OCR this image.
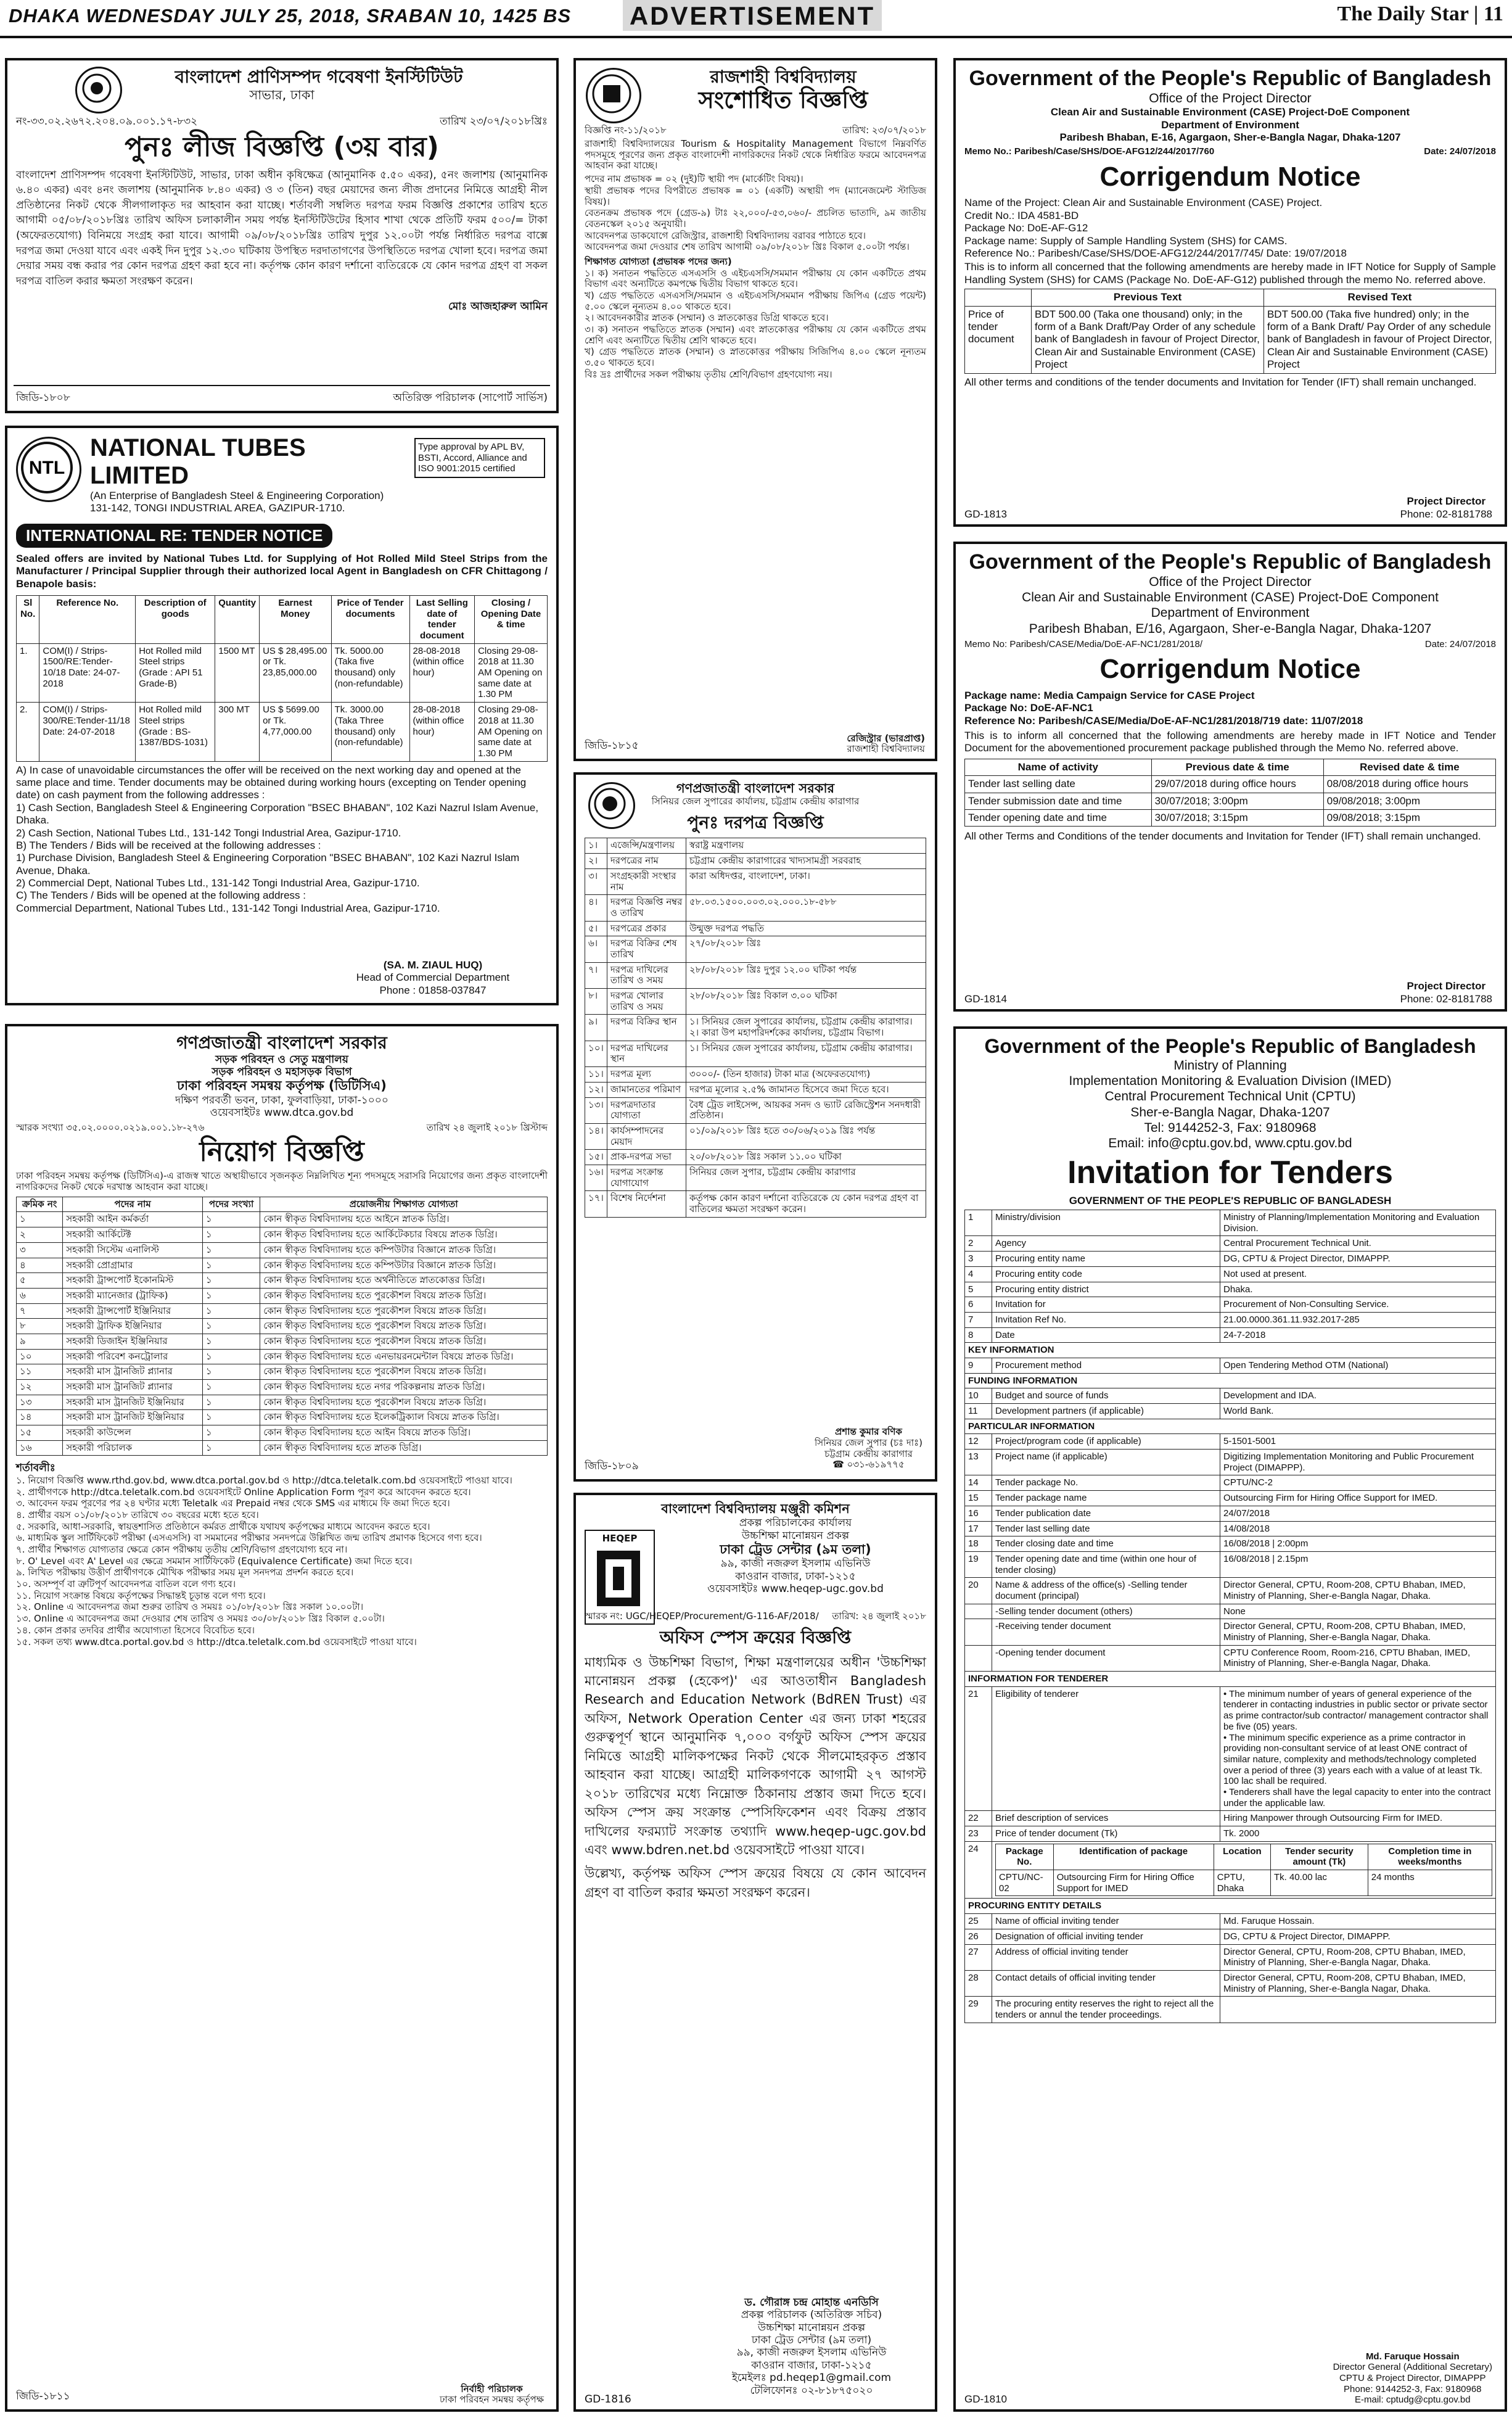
DHAKA WEDNESDAY JULY 25, 2018, SRABAN 10, 1425 BS ADVERTISEMENT	The Daily Star | 11
বাংলাদেশ প্রাণিসম্পদ গবেষণা ইনস্টিটিউট
সাভার, ঢাকা
নং-৩৩.০২.২৬৭২.২০৪.০৯.০০১.১৭-৮৩২	তারিখ ২৩/০৭/২০১৮খ্রিঃ
পুনঃ লীজ বিজ্ঞপ্তি (৩য় বার)
বাংলাদেশ প্রাণিসম্পদ গবেষণা ইনস্টিটিউট, সাভার, ঢাকা অধীন কৃষিক্ষেত্র (আনুমানিক ৫.৫০ একর), ৫নং জলাশয় (আনুমানিক ৬.৪০ একর) এবং ৪নং জলাশয় (আনুমানিক ৮.৪০ একর) ও ৩ (তিন) বছর মেয়াদের জন্য লীজ প্রদানের নিমিত্তে আগ্রহী নীল প্রতিষ্ঠানের নিকট থেকে সীলগালাকৃত দর আহবান করা যাচ্ছে। শর্তাবলী সম্বলিত দরপত্র ফরম বিজ্ঞপ্তি প্রকাশের তারিখ হতে আগামী ০৫/০৮/২০১৮খ্রিঃ তারিখ অফিস চলাকালীন সময় পর্যন্ত ইনস্টিটিউটের হিসাব শাখা থেকে প্রতিটি ফরম ৫০০/= টাকা (অফেরতযোগ্য) বিনিময়ে সংগ্রহ করা যাবে। আগামী ০৯/০৮/২০১৮খ্রিঃ তারিখ দুপুর ১২.০০টা পর্যন্ত নির্ধারিত দরপত্র বাক্সে দরপত্র জমা দেওয়া যাবে এবং একই দিন দুপুর ১২.৩০ ঘটিকায় উপস্থিত দরদাতাগণের উপস্থিতিতে দরপত্র খোলা হবে। দরপত্র জমা দেয়ার সময় বন্ধ করার পর কোন দরপত্র গ্রহণ করা হবে না। কর্তৃপক্ষ কোন কারণ দর্শানো ব্যতিরেকে যে কোন দরপত্র গ্রহণ বা সকল দরপত্র বাতিল করার ক্ষমতা সংরক্ষণ করেন।
মোঃ আজহারুল আমিন
জিডি-১৮০৮	অতিরিক্ত পরিচালক (সাপোর্ট সার্ভিস)
NTL
NATIONAL TUBES LIMITED
(An Enterprise of Bangladesh Steel & Engineering Corporation)
131-142, TONGI INDUSTRIAL AREA, GAZIPUR-1710.
Type approval by APL BV, BSTI, Accord, Alliance and ISO 9001:2015 certified
INTERNATIONAL RE: TENDER NOTICE
Sealed offers are invited by National Tubes Ltd. for Supplying of Hot Rolled Mild Steel Strips from the Manufacturer / Principal Supplier through their authorized local Agent in Bangladesh on CFR Chittagong / Benapole basis:
Sl No.	Reference No.	Description of goods	Quantity	Earnest Money	Price of Tender documents	Last Selling date of tender document	Closing / Opening Date & time
1.	COM(I) / Strips-1500/RE:Tender-10/18 Date: 24-07-2018	Hot Rolled mild Steel strips (Grade : API 51 Grade-B)	1500 MT	US $ 28,495.00 or Tk. 23,85,000.00	Tk. 5000.00 (Taka five thousand) only (non-refundable)	28-08-2018 (within office hour)	Closing 29-08-2018 at 11.30 AM Opening on same date at 1.30 PM
2.	COM(I) / Strips-300/RE:Tender-11/18 Date: 24-07-2018	Hot Rolled mild Steel strips (Grade : BS-1387/BDS-1031)	300 MT	US $ 5699.00 or Tk. 4,77,000.00	Tk. 3000.00 (Taka Three thousand) only (non-refundable)	28-08-2018 (within office hour)	Closing 29-08-2018 at 11.30 AM Opening on same date at 1.30 PM
A) In case of unavoidable circumstances the offer will be received on the next working day and opened at the same place and time. Tender documents may be obtained during working hours (excepting on Tender opening date) on cash payment from the following addresses :
1) Cash Section, Bangladesh Steel & Engineering Corporation "BSEC BHABAN", 102 Kazi Nazrul Islam Avenue, Dhaka.
2) Cash Section, National Tubes Ltd., 131-142 Tongi Industrial Area, Gazipur-1710.
B) The Tenders / Bids will be received at the following addresses :
1) Purchase Division, Bangladesh Steel & Engineering Corporation "BSEC BHABAN", 102 Kazi Nazrul Islam Avenue, Dhaka.
2) Commercial Dept, National Tubes Ltd., 131-142 Tongi Industrial Area, Gazipur-1710.
C) The Tenders / Bids will be opened at the following address :
Commercial Department, National Tubes Ltd., 131-142 Tongi Industrial Area, Gazipur-1710.
(SA. M. ZIAUL HUQ)
Head of Commercial Department
Phone : 01858-037847
গণপ্রজাতন্ত্রী বাংলাদেশ সরকার
সড়ক পরিবহন ও সেতু মন্ত্রণালয়
সড়ক পরিবহন ও মহাসড়ক বিভাগ
ঢাকা পরিবহন সমন্বয় কর্তৃপক্ষ (ডিটিসিএ)
দক্ষিণ পরবর্তী ভবন, ঢাকা, ফুলবাড়িয়া, ঢাকা-১০০০
ওয়েবসাইটঃ www.dtca.gov.bd
স্মারক সংখ্যা ৩৫.০২.০০০০.০২১৯.০০১.১৮-২৭৬	তারিখ ২৪ জুলাই ২০১৮ খ্রিস্টাব্দ
নিয়োগ বিজ্ঞপ্তি
ঢাকা পরিবহন সমন্বয় কর্তৃপক্ষ (ডিটিসিএ)-এ রাজস্ব খাতে অস্থায়ীভাবে সৃজনকৃত নিম্নলিখিত শূন্য পদসমূহে সরাসরি নিয়োগের জন্য প্রকৃত বাংলাদেশী নাগরিকদের নিকট থেকে দরখাস্ত আহবান করা যাচ্ছে।
ক্রমিক নং	পদের নাম	পদের সংখ্যা	প্রয়োজনীয় শিক্ষাগত যোগ্যতা
১	সহকারী আইন কর্মকর্তা	১	কোন স্বীকৃত বিশ্ববিদ্যালয় হতে আইনে স্নাতক ডিগ্রি।
২	সহকারী আর্কিটেক্ট	১	কোন স্বীকৃত বিশ্ববিদ্যালয় হতে আর্কিটেকচার বিষয়ে স্নাতক ডিগ্রি।
৩	সহকারী সিস্টেম এনালিস্ট	১	কোন স্বীকৃত বিশ্ববিদ্যালয় হতে কম্পিউটার বিজ্ঞানে স্নাতক ডিগ্রি।
৪	সহকারী প্রোগ্রামার	১	কোন স্বীকৃত বিশ্ববিদ্যালয় হতে কম্পিউটার বিজ্ঞানে স্নাতক ডিগ্রি।
৫	সহকারী ট্রান্সপোর্ট ইকোনমিস্ট	১	কোন স্বীকৃত বিশ্ববিদ্যালয় হতে অর্থনীতিতে স্নাতকোত্তর ডিগ্রি।
৬	সহকারী ম্যানেজার (ট্রাফিক)	১	কোন স্বীকৃত বিশ্ববিদ্যালয় হতে পুরকৌশল বিষয়ে স্নাতক ডিগ্রি।
৭	সহকারী ট্রান্সপোর্ট ইঞ্জিনিয়ার	১	কোন স্বীকৃত বিশ্ববিদ্যালয় হতে পুরকৌশল বিষয়ে স্নাতক ডিগ্রি।
৮	সহকারী ট্রাফিক ইঞ্জিনিয়ার	১	কোন স্বীকৃত বিশ্ববিদ্যালয় হতে পুরকৌশল বিষয়ে স্নাতক ডিগ্রি।
৯	সহকারী ডিজাইন ইঞ্জিনিয়ার	১	কোন স্বীকৃত বিশ্ববিদ্যালয় হতে পুরকৌশল বিষয়ে স্নাতক ডিগ্রি।
১০	সহকারী পরিবেশ কনট্রোলার	১	কোন স্বীকৃত বিশ্ববিদ্যালয় হতে এনভায়রনমেন্টাল বিষয়ে স্নাতক ডিগ্রি।
১১	সহকারী মাস ট্রানজিট প্ল্যানার	১	কোন স্বীকৃত বিশ্ববিদ্যালয় হতে পুরকৌশল বিষয়ে স্নাতক ডিগ্রি।
১২	সহকারী মাস ট্রানজিট প্ল্যানার	১	কোন স্বীকৃত বিশ্ববিদ্যালয় হতে নগর পরিকল্পনায় স্নাতক ডিগ্রি।
১৩	সহকারী মাস ট্রানজিট ইঞ্জিনিয়ার	১	কোন স্বীকৃত বিশ্ববিদ্যালয় হতে পুরকৌশল বিষয়ে স্নাতক ডিগ্রি।
১৪	সহকারী মাস ট্রানজিট ইঞ্জিনিয়ার	১	কোন স্বীকৃত বিশ্ববিদ্যালয় হতে ইলেকট্রিক্যাল বিষয়ে স্নাতক ডিগ্রি।
১৫	সহকারী কাউন্সেল	১	কোন স্বীকৃত বিশ্ববিদ্যালয় হতে আইন বিষয়ে স্নাতক ডিগ্রি।
১৬	সহকারী পরিচালক	১	কোন স্বীকৃত বিশ্ববিদ্যালয় হতে স্নাতক ডিগ্রি।
শর্তাবলীঃ
১. নিয়োগ বিজ্ঞপ্তি www.rthd.gov.bd, www.dtca.portal.gov.bd ও http://dtca.teletalk.com.bd ওয়েবসাইটে পাওয়া যাবে।
২. প্রার্থীগণকে http://dtca.teletalk.com.bd ওয়েবসাইটে Online Application Form পূরণ করে আবেদন করতে হবে।
৩. আবেদন ফরম পূরণের পর ২৪ ঘণ্টার মধ্যে Teletalk এর Prepaid নম্বর থেকে SMS এর মাধ্যমে ফি জমা দিতে হবে।
৪. প্রার্থীর বয়স ০১/০৮/২০১৮ তারিখে ৩০ বছরের মধ্যে হতে হবে।
৫. সরকারি, আধা-সরকারি, স্বায়ত্তশাসিত প্রতিষ্ঠানে কর্মরত প্রার্থীকে যথাযথ কর্তৃপক্ষের মাধ্যমে আবেদন করতে হবে।
৬. মাধ্যমিক স্কুল সার্টিফিকেট পরীক্ষা (এসএসসি) বা সমমানের পরীক্ষার সনদপত্রে উল্লিখিত জন্ম তারিখ প্রমাণক হিসেবে গণ্য হবে।
৭. প্রার্থীর শিক্ষাগত যোগ্যতার ক্ষেত্রে কোন পরীক্ষায় তৃতীয় শ্রেণি/বিভাগ গ্রহণযোগ্য হবে না।
৮. O' Level এবং A' Level এর ক্ষেত্রে সমমান সার্টিফিকেট (Equivalence Certificate) জমা দিতে হবে।
৯. লিখিত পরীক্ষায় উত্তীর্ণ প্রার্থীগণকে মৌখিক পরীক্ষার সময় মূল সনদপত্র প্রদর্শন করতে হবে।
১০. অসম্পূর্ণ বা ত্রুটিপূর্ণ আবেদনপত্র বাতিল বলে গণ্য হবে।
১১. নিয়োগ সংক্রান্ত বিষয়ে কর্তৃপক্ষের সিদ্ধান্তই চূড়ান্ত বলে গণ্য হবে।
১২. Online এ আবেদনপত্র জমা শুরুর তারিখ ও সময়ঃ ০১/০৮/২০১৮ খ্রিঃ সকাল ১০.০০টা।
১৩. Online এ আবেদনপত্র জমা দেওয়ার শেষ তারিখ ও সময়ঃ ৩০/০৮/২০১৮ খ্রিঃ বিকাল ৫.০০টা।
১৪. কোন প্রকার তদবির প্রার্থীর অযোগ্যতা হিসেবে বিবেচিত হবে।
১৫. সকল তথ্য www.dtca.portal.gov.bd ও http://dtca.teletalk.com.bd ওয়েবসাইটে পাওয়া যাবে।
জিডি-১৮১১
নির্বাহী পরিচালক
ঢাকা পরিবহন সমন্বয় কর্তৃপক্ষ
রাজশাহী বিশ্ববিদ্যালয়
সংশোধিত বিজ্ঞপ্তি
বিজ্ঞপ্তি নং-১১/২০১৮	তারিখ: ২৩/০৭/২০১৮
রাজশাহী বিশ্ববিদ্যালয়ের Tourism & Hospitality Management বিভাগে নিম্নবর্ণিত পদসমূহে পূরণের জন্য প্রকৃত বাংলাদেশী নাগরিকদের নিকট থেকে নির্ধারিত ফরমে আবেদনপত্র আহবান করা যাচ্ছে।
পদের নাম প্রভাষক = ০২ (দুই)টি স্থায়ী পদ (মার্কেটিং বিষয়)।
স্থায়ী প্রভাষক পদের বিপরীতে প্রভাষক = ০১ (একটি) অস্থায়ী পদ (ম্যানেজমেন্ট স্টাডিজ বিষয়)।
বেতনক্রম প্রভাষক পদে (গ্রেড-৯) টাঃ ২২,০০০/-৫৩,০৬০/- প্রচলিত ভাতাদি, ৯ম জাতীয় বেতনস্কেল ২০১৫ অনুযায়ী।
আবেদনপত্র ডাকযোগে রেজিস্ট্রার, রাজশাহী বিশ্ববিদ্যালয় বরাবর পাঠাতে হবে।
আবেদনপত্র জমা দেওয়ার শেষ তারিখ আগামী ০৯/০৮/২০১৮ খ্রিঃ বিকাল ৫.০০টা পর্যন্ত।
শিক্ষাগত যোগ্যতা (প্রভাষক পদের জন্য)
১। ক) সনাতন পদ্ধতিতে এসএসসি ও এইচএসসি/সমমান পরীক্ষায় যে কোন একটিতে প্রথম বিভাগ এবং অন্যটিতে কমপক্ষে দ্বিতীয় বিভাগ থাকতে হবে।
খ) গ্রেড পদ্ধতিতে এসএসসি/সমমান ও এইচএসসি/সমমান পরীক্ষায় জিপিএ (গ্রেড পয়েন্ট) ৫.০০ স্কেলে নূন্যতম ৪.০০ থাকতে হবে।
২। আবেদনকারীর স্নাতক (সম্মান) ও স্নাতকোত্তর ডিগ্রি থাকতে হবে।
৩। ক) সনাতন পদ্ধতিতে স্নাতক (সম্মান) এবং স্নাতকোত্তর পরীক্ষায় যে কোন একটিতে প্রথম শ্রেণি এবং অন্যটিতে দ্বিতীয় শ্রেণি থাকতে হবে।
খ) গ্রেড পদ্ধতিতে স্নাতক (সম্মান) ও স্নাতকোত্তর পরীক্ষায় সিজিপিএ ৪.০০ স্কেলে নূন্যতম ৩.৫০ থাকতে হবে।
বিঃ দ্রঃ প্রার্থীদের সকল পরীক্ষায় তৃতীয় শ্রেণি/বিভাগ গ্রহণযোগ্য নয়।
জিডি-১৮১৫
রেজিস্ট্রার (ভারপ্রাপ্ত)
রাজশাহী বিশ্ববিদ্যালয়
গণপ্রজাতন্ত্রী বাংলাদেশ সরকার
সিনিয়র জেল সুপারের কার্যালয়, চট্টগ্রাম কেন্দ্রীয় কারাগার
পুনঃ দরপত্র বিজ্ঞপ্তি
১।	এজেন্সি/মন্ত্রণালয়	স্বরাষ্ট্র মন্ত্রণালয়
২।	দরপত্রের নাম	চট্টগ্রাম কেন্দ্রীয় কারাগারের খাদ্যসামগ্রী সরবরাহ
৩।	সংগ্রহকারী সংস্থার নাম	কারা অধিদপ্তর, বাংলাদেশ, ঢাকা।
৪।	দরপত্র বিজ্ঞপ্তি নম্বর ও তারিখ	৫৮.০৩.১৫০০.০০৩.০২.০০০.১৮-৫৮৮
৫।	দরপত্রের প্রকার	উন্মুক্ত দরপত্র পদ্ধতি
৬।	দরপত্র বিক্রির শেষ তারিখ	২৭/০৮/২০১৮ খ্রিঃ
৭।	দরপত্র দাখিলের তারিখ ও সময়	২৮/০৮/২০১৮ খ্রিঃ দুপুর ১২.০০ ঘটিকা পর্যন্ত
৮।	দরপত্র খোলার তারিখ ও সময়	২৮/০৮/২০১৮ খ্রিঃ বিকাল ৩.০০ ঘটিকা
৯।	দরপত্র বিক্রির স্থান	১। সিনিয়র জেল সুপারের কার্যালয়, চট্টগ্রাম কেন্দ্রীয় কারাগার। ২। কারা উপ মহাপরিদর্শকের কার্যালয়, চট্টগ্রাম বিভাগ।
১০।	দরপত্র দাখিলের স্থান	১। সিনিয়র জেল সুপারের কার্যালয়, চট্টগ্রাম কেন্দ্রীয় কারাগার।
১১।	দরপত্র মূল্য	৩০০০/- (তিন হাজার) টাকা মাত্র (অফেরতযোগ্য)
১২।	জামানতের পরিমাণ	দরপত্র মূল্যের ২.৫% জামানত হিসেবে জমা দিতে হবে।
১৩।	দরপত্রদাতার যোগ্যতা	বৈধ ট্রেড লাইসেন্স, আয়কর সনদ ও ভ্যাট রেজিস্ট্রেশন সনদধারী প্রতিষ্ঠান।
১৪।	কার্যসম্পাদনের মেয়াদ	০১/০৯/২০১৮ খ্রিঃ হতে ৩০/০৬/২০১৯ খ্রিঃ পর্যন্ত
১৫।	প্রাক-দরপত্র সভা	২০/০৮/২০১৮ খ্রিঃ সকাল ১১.০০ ঘটিকা
১৬।	দরপত্র সংক্রান্ত যোগাযোগ	সিনিয়র জেল সুপার, চট্টগ্রাম কেন্দ্রীয় কারাগার
১৭।	বিশেষ নির্দেশনা	কর্তৃপক্ষ কোন কারণ দর্শানো ব্যতিরেকে যে কোন দরপত্র গ্রহণ বা বাতিলের ক্ষমতা সংরক্ষণ করেন।
প্রশান্ত কুমার বণিক
সিনিয়র জেল সুপার (চঃ দাঃ)
চট্টগ্রাম কেন্দ্রীয় কারাগার
☎ ০৩১-৬১৯৭৭৫
জিডি-১৮০৯
বাংলাদেশ বিশ্ববিদ্যালয় মঞ্জুরী কমিশন
HEQEP
প্রকল্প পরিচালকের কার্যালয়
উচ্চশিক্ষা মানোন্নয়ন প্রকল্প
ঢাকা ট্রেড সেন্টার (৯ম তলা)
৯৯, কাজী নজরুল ইসলাম এভিনিউ
কাওরান বাজার, ঢাকা-১২১৫
ওয়েবসাইটঃ www.heqep-ugc.gov.bd
স্মারক নং: UGC/HEQEP/Procurement/G-116-AF/2018/ তারিখ: ২৪ জুলাই ২০১৮
অফিস স্পেস ক্রয়ের বিজ্ঞপ্তি
মাধ্যমিক ও উচ্চশিক্ষা বিভাগ, শিক্ষা মন্ত্রণালয়ের অধীন 'উচ্চশিক্ষা মানোন্নয়ন প্রকল্প (হেকেপ)' এর আওতাধীন Bangladesh Research and Education Network (BdREN Trust) এর অফিস, Network Operation Center এর জন্য ঢাকা শহরের গুরুত্বপূর্ণ স্থানে আনুমানিক ৭,০০০ বর্গফুট অফিস স্পেস ক্রয়ের নিমিত্তে আগ্রহী মালিকপক্ষের নিকট থেকে সীলমোহরকৃত প্রস্তাব আহবান করা যাচ্ছে। আগ্রহী মালিকগণকে আগামী ২৭ আগস্ট ২০১৮ তারিখের মধ্যে নিম্নোক্ত ঠিকানায় প্রস্তাব জমা দিতে হবে। অফিস স্পেস ক্রয় সংক্রান্ত স্পেসিফিকেশন এবং বিক্রয় প্রস্তাব দাখিলের ফরম্যাট সংক্রান্ত তথ্যাদি www.heqep-ugc.gov.bd এবং www.bdren.net.bd ওয়েবসাইটে পাওয়া যাবে।
উল্লেখ্য, কর্তৃপক্ষ অফিস স্পেস ক্রয়ের বিষয়ে যে কোন আবেদন গ্রহণ বা বাতিল করার ক্ষমতা সংরক্ষণ করেন।
ড. গৌরাঙ্গ চন্দ্র মোহান্ত এনডিসি
প্রকল্প পরিচালক (অতিরিক্ত সচিব)
উচ্চশিক্ষা মানোন্নয়ন প্রকল্প
ঢাকা ট্রেড সেন্টার (৯ম তলা)
৯৯, কাজী নজরুল ইসলাম এভিনিউ
কাওরান বাজার, ঢাকা-১২১৫
ইমেইলঃ pd.heqep1@gmail.com
টেলিফোনঃ ০২-৮১৮৭৫০২০
GD-1816
Government of the People's Republic of Bangladesh
Office of the Project Director
Clean Air and Sustainable Environment (CASE) Project-DoE Component
Department of Environment
Paribesh Bhaban, E-16, Agargaon, Sher-e-Bangla Nagar, Dhaka-1207
Memo No.: Paribesh/Case/SHS/DOE-AFG12/244/2017/760	Date: 24/07/2018
Corrigendum Notice
Name of the Project: Clean Air and Sustainable Environment (CASE) Project.
Credit No.: IDA 4581-BD
Package No: DoE-AF-G12
Package name: Supply of Sample Handling System (SHS) for CAMS.
Reference No.: Paribesh/Case/SHS/DOE-AFG12/244/2017/745/ Date: 19/07/2018
This is to inform all concerned that the following amendments are hereby made in IFT Notice for Supply of Sample Handling System (SHS) for CAMS (Package No. DoE-AF-G12) published through the memo No. referred above.
	Previous Text	Revised Text
Price of tender document	BDT 500.00 (Taka one thousand) only; in the form of a Bank Draft/Pay Order of any schedule bank of Bangladesh in favour of Project Director, Clean Air and Sustainable Environment (CASE) Project	BDT 500.00 (Taka five hundred) only; in the form of a Bank Draft/ Pay Order of any schedule bank of Bangladesh in favour of Project Director, Clean Air and Sustainable Environment (CASE) Project
All other terms and conditions of the tender documents and Invitation for Tender (IFT) shall remain unchanged.
GD-1813
Project Director
Phone: 02-8181788
Government of the People's Republic of Bangladesh
Office of the Project Director
Clean Air and Sustainable Environment (CASE) Project-DoE Component
Department of Environment
Paribesh Bhaban, E/16, Agargaon, Sher-e-Bangla Nagar, Dhaka-1207
Memo No: Paribesh/CASE/Media/DoE-AF-NC1/281/2018/	Date: 24/07/2018
Corrigendum Notice
Package name: Media Campaign Service for CASE Project
Package No: DoE-AF-NC1
Reference No: Paribesh/CASE/Media/DoE-AF-NC1/281/2018/719 date: 11/07/2018
This is to inform all concerned that the following amendments are hereby made in IFT Notice and Tender Document for the abovementioned procurement package published through the Memo No. referred above.
Name of activity	Previous date & time	Revised date & time
Tender last selling date	29/07/2018 during office hours	08/08/2018 during office hours
Tender submission date and time	30/07/2018; 3:00pm	09/08/2018; 3:00pm
Tender opening date and time	30/07/2018; 3:15pm	09/08/2018; 3:15pm
All other Terms and Conditions of the tender documents and Invitation for Tender (IFT) shall remain unchanged.
GD-1814
Project Director
Phone: 02-8181788
Government of the People's Republic of Bangladesh
Ministry of Planning
Implementation Monitoring & Evaluation Division (IMED)
Central Procurement Technical Unit (CPTU)
Sher-e-Bangla Nagar, Dhaka-1207
Tel: 9144252-3, Fax: 9180968
Email: info@cptu.gov.bd, www.cptu.gov.bd
Invitation for Tenders
GOVERNMENT OF THE PEOPLE'S REPUBLIC OF BANGLADESH
1	Ministry/division	Ministry of Planning/Implementation Monitoring and Evaluation Division.
2	Agency	Central Procurement Technical Unit.
3	Procuring entity name	DG, CPTU & Project Director, DIMAPPP.
4	Procuring entity code	Not used at present.
5	Procuring entity district	Dhaka.
6	Invitation for	Procurement of Non-Consulting Service.
7	Invitation Ref No.	21.00.0000.361.11.932.2017-285
8	Date	24-7-2018
KEY INFORMATION
9	Procurement method	Open Tendering Method OTM (National)
FUNDING INFORMATION
10	Budget and source of funds	Development and IDA.
11	Development partners (if applicable)	World Bank.
PARTICULAR INFORMATION
12	Project/program code (if applicable)	5-1501-5001
13	Project name (if applicable)	Digitizing Implementation Monitoring and Public Procurement Project (DIMAPPP).
14	Tender package No.	CPTU/NC-2
15	Tender package name	Outsourcing Firm for Hiring Office Support for IMED.
16	Tender publication date	24/07/2018
17	Tender last selling date	14/08/2018
18	Tender closing date and time	16/08/2018 | 2:00pm
19	Tender opening date and time (within one hour of tender closing)	16/08/2018 | 2.15pm
20	Name & address of the office(s) -Selling tender document (principal)	Director General, CPTU, Room-208, CPTU Bhaban, IMED, Ministry of Planning, Sher-e-Bangla Nagar, Dhaka.
	-Selling tender document (others)	None
	-Receiving tender document	Director General, CPTU, Room-208, CPTU Bhaban, IMED, Ministry of Planning, Sher-e-Bangla Nagar, Dhaka.
	-Opening tender document	CPTU Conference Room, Room-216, CPTU Bhaban, IMED, Ministry of Planning, Sher-e-Bangla Nagar, Dhaka.
INFORMATION FOR TENDERER
21	Eligibility of tenderer	• The minimum number of years of general experience of the tenderer in contacting industries in public sector or private sector as prime contractor/sub contractor/ management contractor shall be five (05) years.
• The minimum specific experience as a prime contractor in providing non-consultant service of at least ONE contract of similar nature, complexity and methods/technology completed over a period of three (3) years each with a value of at least Tk. 100 lac shall be required.
• Tenderers shall have the legal capacity to enter into the contract under the applicable law.

22	Brief description of services	Hiring Manpower through Outsourcing Firm for IMED.
23	Price of tender document (Tk)	Tk. 2000
24		Package No.	Identification of package	Location	Tender security amount (Tk)	Completion time in weeks/months
CPTU/NC-02	Outsourcing Firm for Hiring Office Support for IMED	CPTU, Dhaka	Tk. 40.00 lac	24 months

PROCURING ENTITY DETAILS
25	Name of official inviting tender	Md. Faruque Hossain.
26	Designation of official inviting tender	DG, CPTU & Project Director, DIMAPPP.
27	Address of official inviting tender	Director General, CPTU, Room-208, CPTU Bhaban, IMED, Ministry of Planning, Sher-e-Bangla Nagar, Dhaka.
28	Contact details of official inviting tender	Director General, CPTU, Room-208, CPTU Bhaban, IMED, Ministry of Planning, Sher-e-Bangla Nagar, Dhaka.
29	The procuring entity reserves the right to reject all the tenders or annul the tender proceedings.	
GD-1810
Md. Faruque Hossain
Director General (Additional Secretary)
CPTU & Project Director, DIMAPPP
Phone: 9144252-3, Fax: 9180968
E-mail: cptudg@cptu.gov.bd
